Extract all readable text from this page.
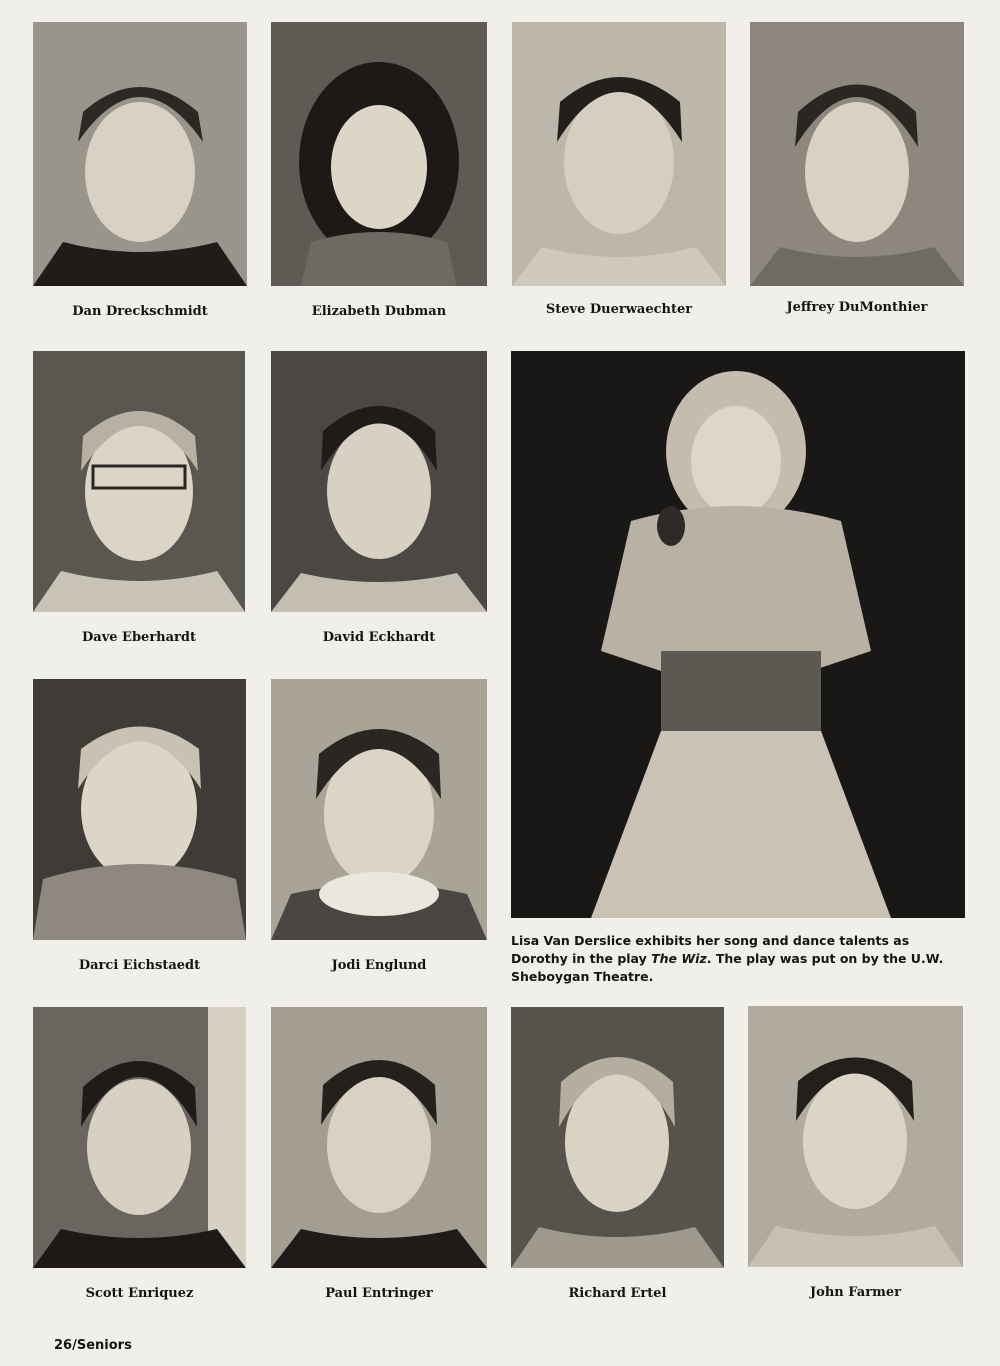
Dan Dreckschmidt	Elizabeth Dubman	Steve Duerwaechter	Jeffrey DuMonthier
Dave Eberhardt	David Eckhardt
Lisa Van Derslice exhibits her song and dance talents as Dorothy in the play The Wiz. The play was put on by the U.W. Sheboygan Theatre.
Darci Eichstaedt	Jodi Englund
Scott Enriquez	Paul Entringer	Richard Ertel	John Farmer
26/Seniors
